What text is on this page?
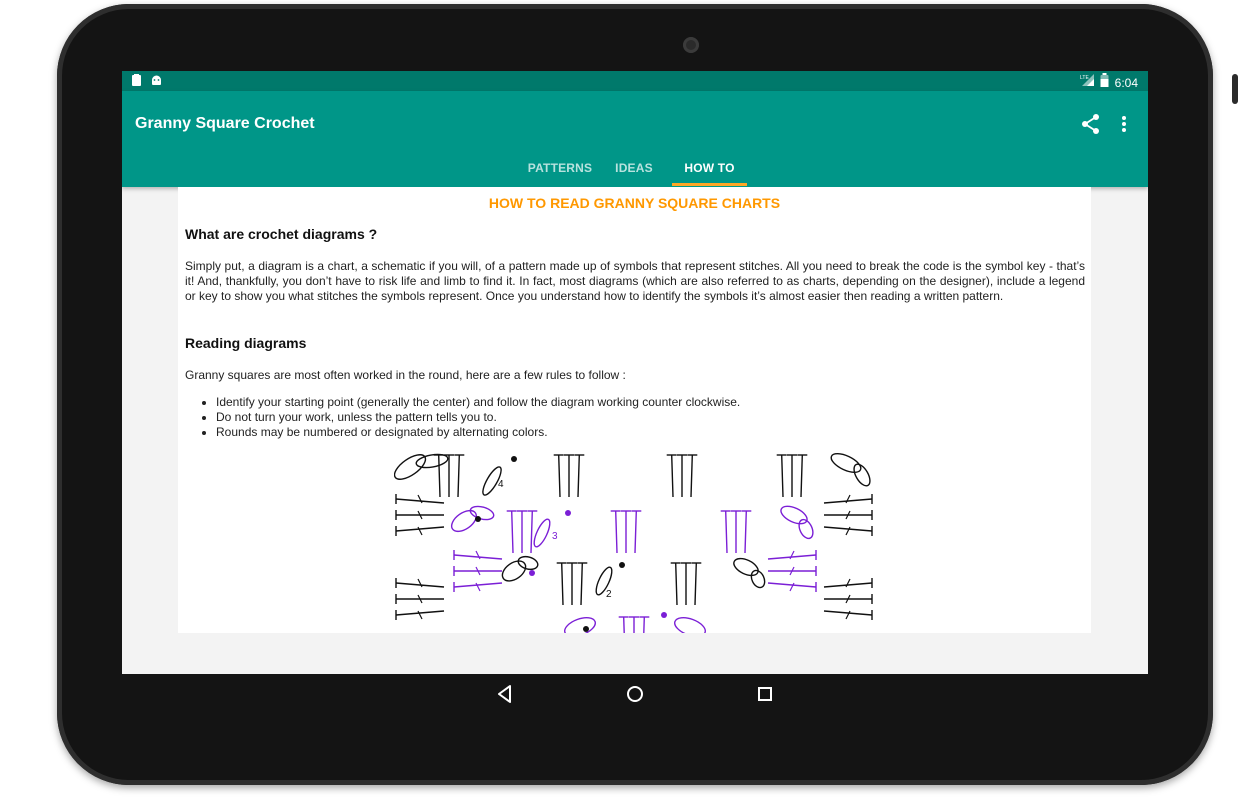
LTE 6:04
Granny Square Crochet
PATTERNS	IDEAS	HOW TO
HOW TO READ GRANNY SQUARE CHARTS
What are crochet diagrams ?
Simply put, a diagram is a chart, a schematic if you will, of a pattern made up of symbols that represent stitches. All you need to break the code is the symbol key - that’s it! And, thankfully, you don’t have to risk life and limb to find it. In fact, most diagrams (which are also referred to as charts, depending on the designer), include a legend or key to show you what stitches the symbols represent. Once you understand how to identify the symbols it’s almost easier then reading a written pattern.
Reading diagrams
Granny squares are most often worked in the round, here are a few rules to follow :
• Identify your starting point (generally the center) and follow the diagram working counter clockwise.
• Do not turn your work, unless the pattern tells you to.
• Rounds may be numbered or designated by alternating colors.
4
3
2
